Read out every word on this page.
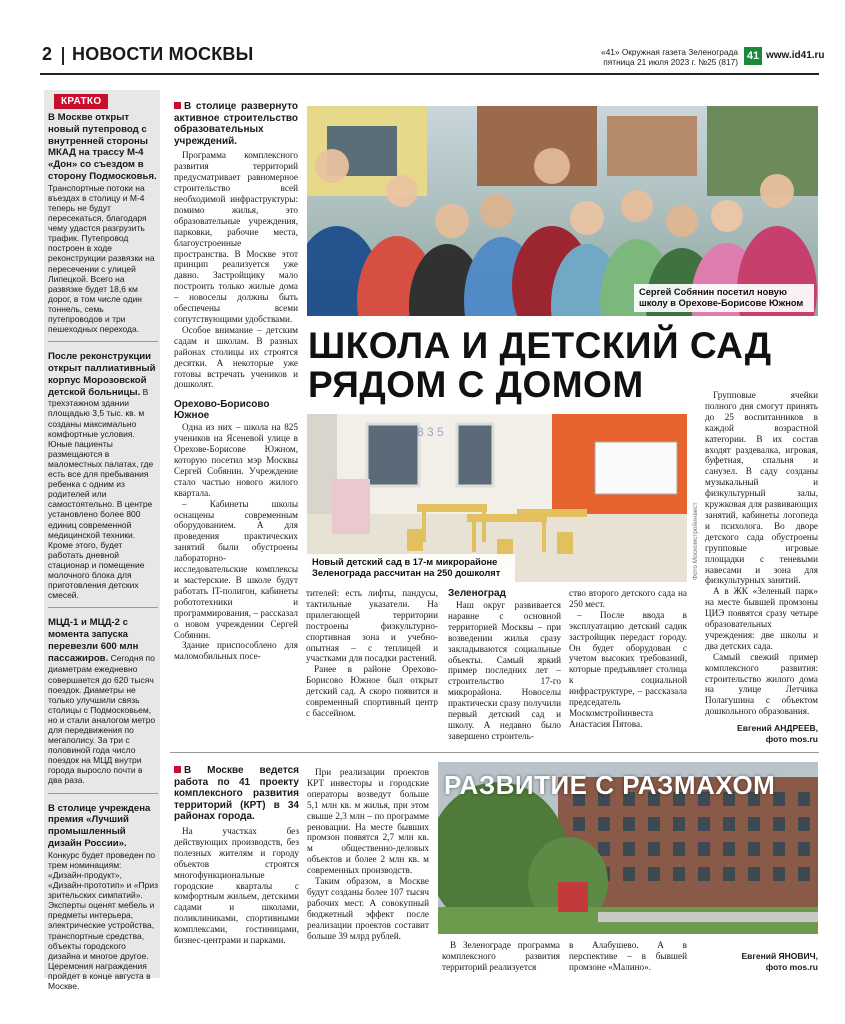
2 НОВОСТИ МОСКВЫ	«41» Окружная газета Зеленограда
пятница 21 июля 2023 г. №25 (817) 41 www.id41.ru
КРАТКО

В Москве открыт новый путепровод с внутренней стороны МКАД на трассу М-4 «Дон» со съездом в сторону Подмосковья. Транспортные потоки на въездах в столицу и М-4 теперь не будут пересекаться, благодаря чему удастся разгрузить трафик. Путепровод построен в ходе реконструкции развязки на пересечении с улицей Липецкой. Всего на развязке будет 18,6 км дорог, в том числе один тоннель, семь путепроводов и три пешеходных перехода.

После реконструкции открыт паллиативный корпус Морозовской детской больницы. В трехэтажном здании площадью 3,5 тыс. кв. м созданы максимально комфортные условия. Юные пациенты размещаются в маломестных палатах, где есть все для пребывания ребенка с одним из родителей или самостоятельно. В центре установлено более 800 единиц современной медицинской техники. Кроме этого, будет работать дневной стационар и помещение молочного блока для приготовления детских смесей.

МЦД-1 и МЦД-2 с момента запуска перевезли 600 млн пассажиров. Сегодня по диаметрам ежедневно совершается до 620 тысяч поездок. Диаметры не только улучшили связь столицы с Подмосковьем, но и стали аналогом метро для передвижения по мегаполису. За три с половиной года число поездок на МЦД внутри города выросло почти в два раза.

В столице учреждена премия «Лучший промышленный дизайн России». Конкурс будет проведен по трем номинациям: «Дизайн-продукт», «Дизайн-прототип» и «Приз зрительских симпатий». Эксперты оценят мебель и предметы интерьера, электрические устройства, транспортные средства, объекты городского дизайна и многое другое. Церемония награждения пройдет в конце августа в Москве.

В столице развернуто активное строительство образовательных учреждений.

Программа комплексного развития территорий предусматривает равномерное строительство всей необходимой инфраструктуры: помимо жилья, это образовательные учреждения, парковки, рабочие места, благоустроенные пространства. В Москве этот принцип реализуется уже давно. Застройщику мало построить только жилые дома – новоселы должны быть обеспечены всеми сопутствующими удобствами.

Особое внимание – детским садам и школам. В разных районах столицы их строятся десятки. А некоторые уже готовы встречать учеников и дошколят.

Орехово-Борисово Южное

Одна из них – школа на 825 учеников на Ясеневой улице в Орехове-Борисове Южном, которую посетил мэр Москвы Сергей Собянин. Учреждение стало частью нового жилого квартала.

– Кабинеты школы оснащены современным оборудованием. А для проведения практических занятий были обустроены лабораторно-исследовательские комплексы и мастерские. В школе будут работать IT-полигон, кабинеты робототехники и программирования, – рассказал о новом учреждении Сергей Собянин.

Здание приспособлено для маломобильных посе-

Сергей Собянин посетил новую
школу в Орехове-Борисове Южном
ШКОЛА И ДЕТСКИЙ САД
РЯДОМ С ДОМОМ
8 3 5
Новый детский сад в 17-м микрорайоне
Зеленограда рассчитан на 250 дошколят	Фото Москомстройинвест

тителей: есть лифты, пандусы, тактильные указатели. На прилегающей территории построены физкультурно-спортивная зона и учебно-опытная – с теплицей и участками для посадки растений.

Ранее в районе Орехово-Борисово Южное был открыт детский сад. А скоро появится и современный спортивный центр с бассейном.

Зеленоград

Наш округ развивается наравне с основной территорией Москвы – при возведении жилья сразу закладываются социальные объекты. Самый яркий пример последних лет – строительство 17-го микрорайона. Новоселы практически сразу получили первый детский сад и школу. А недавно было завершено строитель-

ство второго детского сада на 250 мест.

– После ввода в эксплуатацию детский садик застройщик передаст городу. Он будет оборудован с учетом высоких требований, которые предъявляет столица к социальной инфраструктуре, – рассказала председатель Москомстройинвеста Анастасия Пятова.

Групповые ячейки полного дня смогут принять до 25 воспитанников в каждой возрастной категории. В их состав входят раздевалка, игровая, буфетная, спальня и санузел. В саду созданы музыкальный и физкультурный залы, кружковая для развивающих занятий, кабинеты логопеда и психолога. Во дворе детского сада обустроены групповые игровые площадки с теневыми навесами и зона для физкультурных занятий.

А в ЖК «Зеленый парк» на месте бывшей промзоны ЦИЭ появятся сразу четыре образовательных учреждения: две школы и два детских сада.

Самый свежий пример комплексного развития: строительство жилого дома на улице Летчика Полагушина с объектом дошкольного образования.

Евгений АНДРЕЕВ,
фото mos.ru
В Москве ведется работа по 41 проекту комплексного развития территорий (КРТ) в 34 районах города.

На участках без действующих производств, без полезных жителям и городу объектов строятся многофункциональные городские кварталы с комфортным жильем, детскими садами и школами, поликлиниками, спортивными комплексами, гостиницами, бизнес-центрами и парками.

При реализации проектов КРТ инвесторы и городские операторы возведут больше 5,1 млн кв. м жилья, при этом свыше 2,3 млн – по программе реновации. На месте бывших промзон появятся 2,7 млн кв. м общественно-деловых объектов и более 2 млн кв. м современных производств.

Таким образом, в Москве будут созданы более 107 тысяч рабочих мест. А совокупный бюджетный эффект после реализации проектов составит больше 39 млрд рублей.

РАЗВИТИЕ С РАЗМАХОМ

В Зеленограде программа комплексного развития территорий реализуется

в Алабушево. А в перспективе – в бывшей промзоне «Малино».

Евгений ЯНОВИЧ,
фото mos.ru
